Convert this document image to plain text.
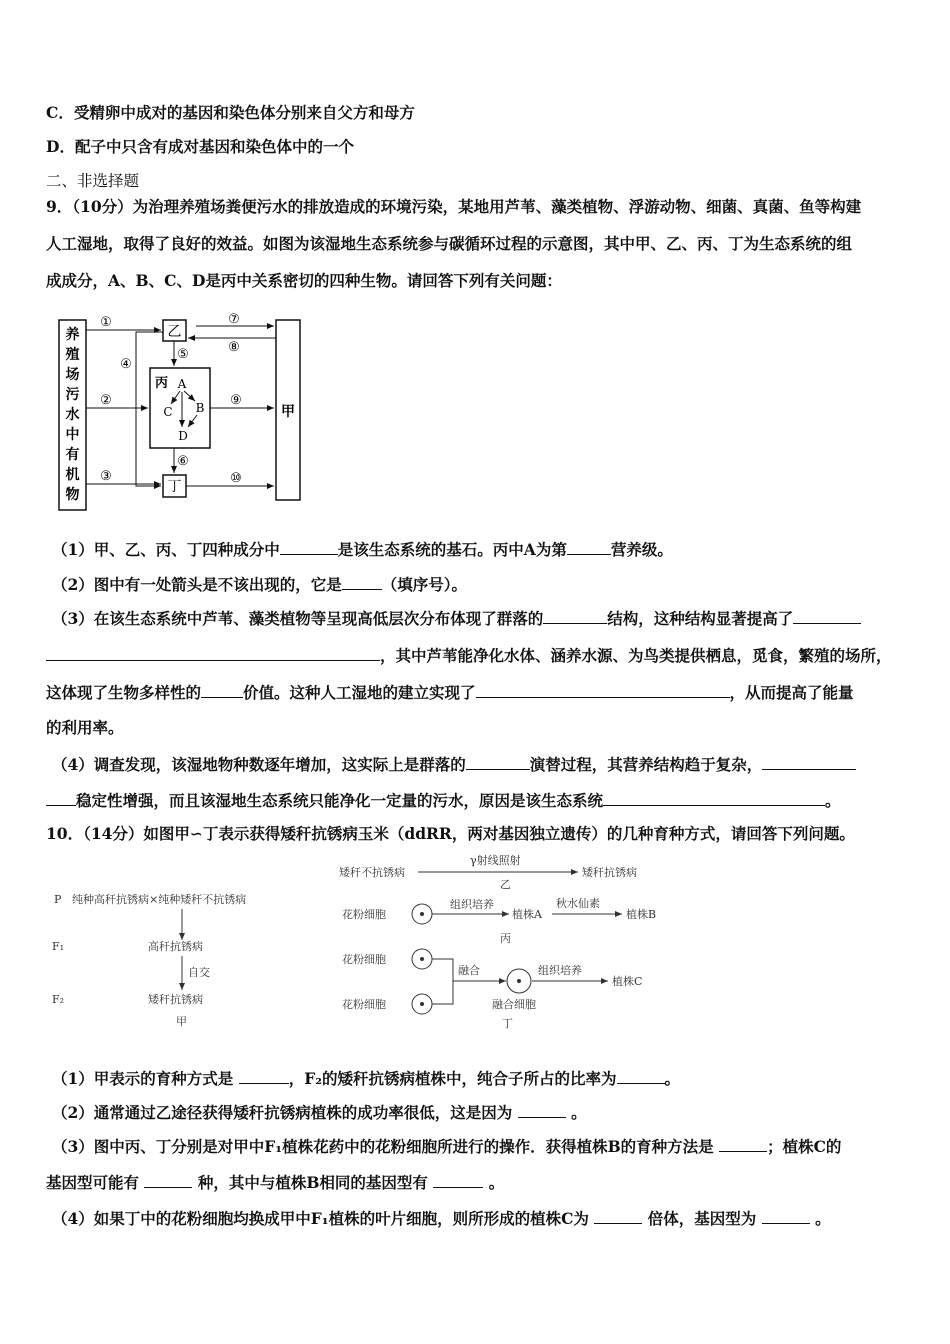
C．受精卵中成对的基因和染色体分别来自父方和母方
D．配子中只含有成对基因和染色体中的一个
二、非选择题
9．（10分）为治理养殖场粪便污水的排放造成的环境污染，某地用芦苇、藻类植物、浮游动物、细菌、真菌、鱼等构建
人工湿地，取得了良好的效益。如图为该湿地生态系统参与碳循环过程的示意图，其中甲、乙、丙、丁为生态系统的组
成成分，A、B、C、D是丙中关系密切的四种生物。请回答下列有关问题：
养
殖
场
污
水
中
有
机
物
甲
乙
丙 A
C B
D
丁
①
②
③
④
⑤
⑥
⑦
⑧
⑨
⑩
（1）甲、乙、丙、丁四种成分中	是该生态系统的基石。丙中A为第	营养级。
（2）图中有一处箭头是不该出现的，它是	（填序号）。
（3）在该生态系统中芦苇、藻类植物等呈现高低层次分布体现了群落的	结构，这种结构显著提高了
，其中芦苇能净化水体、涵养水源、为鸟类提供栖息，觅食，繁殖的场所，
这体现了生物多样性的	价值。这种人工湿地的建立实现了	，从而提高了能量
的利用率。
（4）调查发现，该湿地物种数逐年增加，这实际上是群落的	演替过程，其营养结构趋于复杂，
稳定性增强，而且该湿地生态系统只能净化一定量的污水，原因是该生态系统	。
10．（14分）如图甲∽丁表示获得矮秆抗锈病玉米（ddRR，两对基因独立遗传）的几种育种方式，请回答下列问题。
P 纯种高秆抗锈病×纯种矮秆不抗锈病
F₁	高秆抗锈病
自交
F₂	矮秆抗锈病
甲
矮秆不抗锈病
γ射线照射
乙
矮秆抗锈病
花粉细胞
组织培养
丙
植株A
秋水仙素
植株B
花粉细胞
花粉细胞
融合
融合细胞
丁
组织培养
植株C
（1）甲表示的育种方式是	，F₂的矮秆抗锈病植株中，纯合子所占的比率为	。
（2）通常通过乙途径获得矮秆抗锈病植株的成功率很低，这是因为	。
（3）图中丙、丁分别是对甲中F₁植株花药中的花粉细胞所进行的操作．获得植株B的育种方法是	；植株C的
基因型可能有	种，其中与植株B相同的基因型有	。
（4）如果丁中的花粉细胞均换成甲中F₁植株的叶片细胞，则所形成的植株C为	倍体，基因型为	。
